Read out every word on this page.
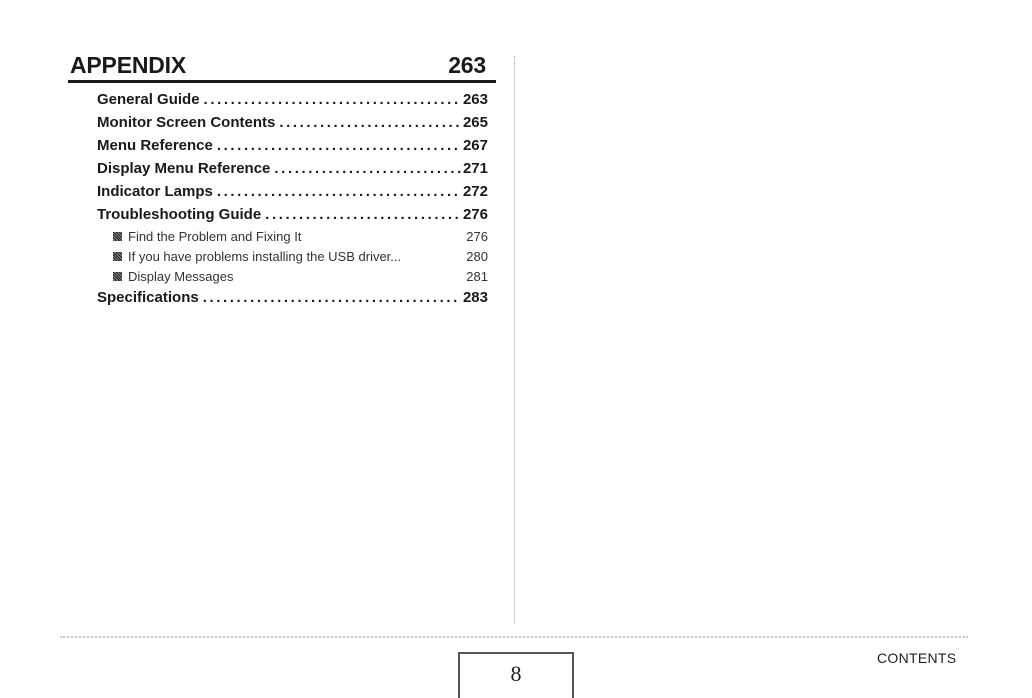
APPENDIX	263
General Guide .....	263
Monitor Screen Contents .....	265
Menu Reference .....	267
Display Menu Reference .....	271
Indicator Lamps .....	272
Troubleshooting Guide .....	276
Find the Problem and Fixing It	276
If you have problems installing the USB driver...	280
Display Messages	281
Specifications .....	283
8
CONTENTS
